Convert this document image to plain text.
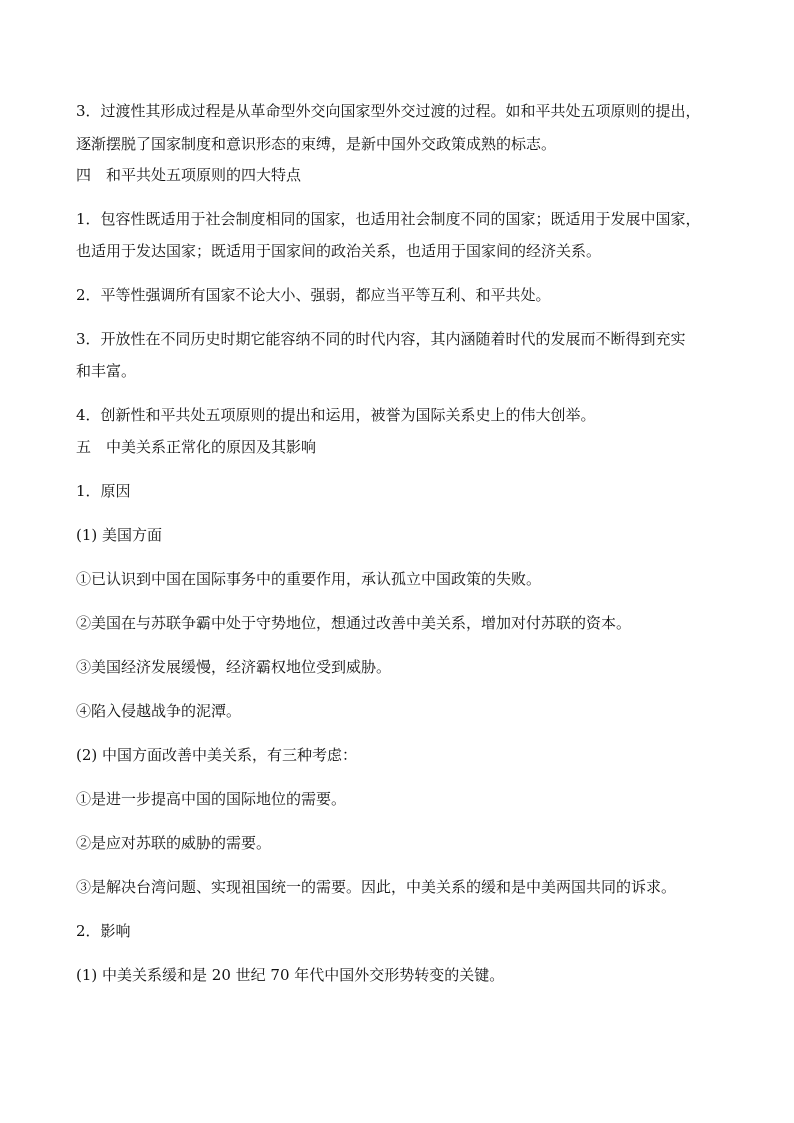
3．过渡性其形成过程是从革命型外交向国家型外交过渡的过程。如和平共处五项原则的提出，
逐渐摆脱了国家制度和意识形态的束缚，是新中国外交政策成熟的标志。
四　和平共处五项原则的四大特点
1．包容性既适用于社会制度相同的国家，也适用社会制度不同的国家；既适用于发展中国家，
也适用于发达国家；既适用于国家间的政治关系，也适用于国家间的经济关系。
2．平等性强调所有国家不论大小、强弱，都应当平等互利、和平共处。
3．开放性在不同历史时期它能容纳不同的时代内容，其内涵随着时代的发展而不断得到充实
和丰富。
4．创新性和平共处五项原则的提出和运用，被誉为国际关系史上的伟大创举。
五　中美关系正常化的原因及其影响
1．原因
(1) 美国方面
①已认识到中国在国际事务中的重要作用，承认孤立中国政策的失败。
②美国在与苏联争霸中处于守势地位，想通过改善中美关系，增加对付苏联的资本。
③美国经济发展缓慢，经济霸权地位受到威胁。
④陷入侵越战争的泥潭。
(2) 中国方面改善中美关系，有三种考虑：
①是进一步提高中国的国际地位的需要。
②是应对苏联的威胁的需要。
③是解决台湾问题、实现祖国统一的需要。因此，中美关系的缓和是中美两国共同的诉求。
2．影响
(1) 中美关系缓和是 20 世纪 70 年代中国外交形势转变的关键。
